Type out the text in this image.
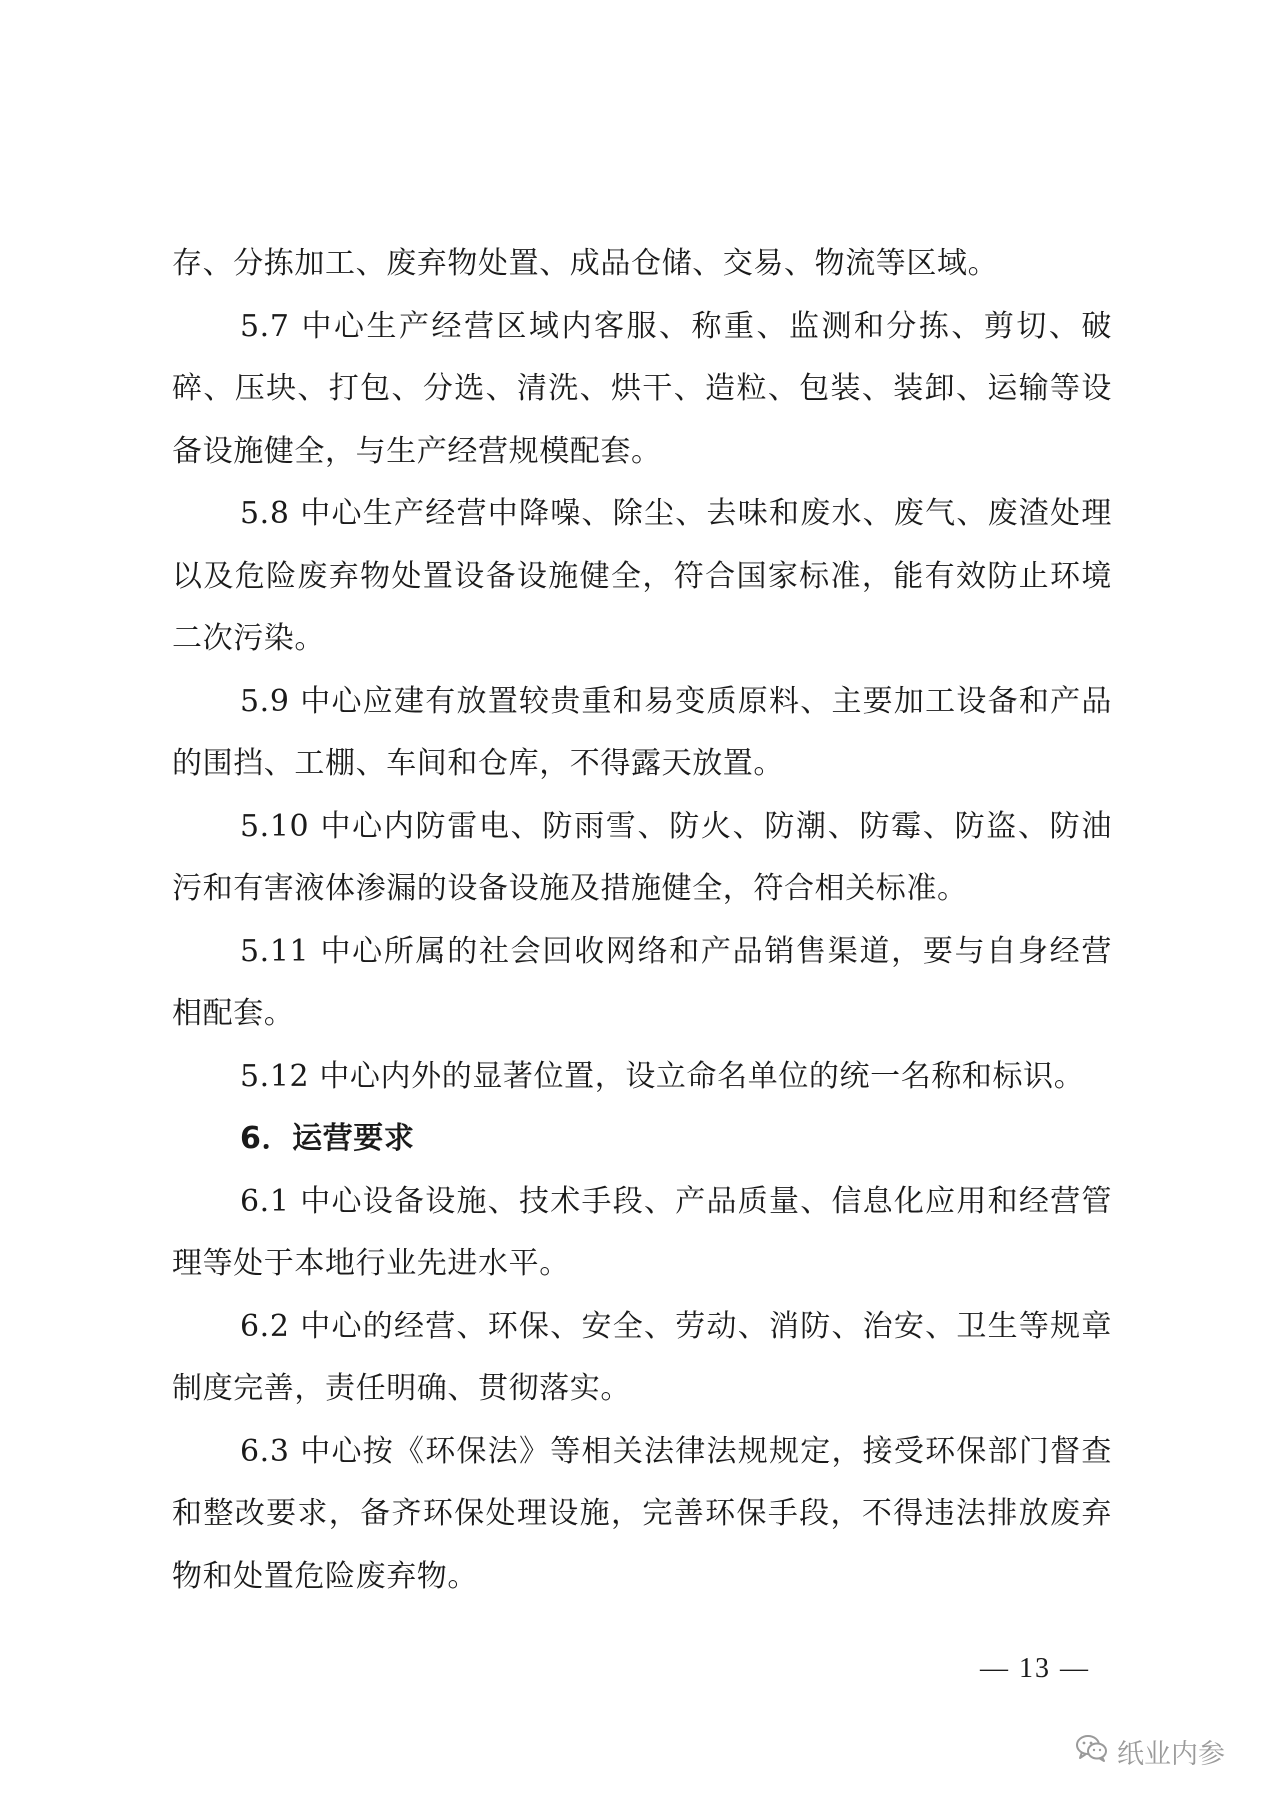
存、分拣加工、废弃物处置、成品仓储、交易、物流等区域。

5.7 中心生产经营区域内客服、称重、监测和分拣、剪切、破碎、压块、打包、分选、清洗、烘干、造粒、包装、装卸、运输等设备设施健全，与生产经营规模配套。

5.8 中心生产经营中降噪、除尘、去味和废水、废气、废渣处理以及危险废弃物处置设备设施健全，符合国家标准，能有效防止环境二次污染。

5.9 中心应建有放置较贵重和易变质原料、主要加工设备和产品的围挡、工棚、车间和仓库，不得露天放置。

5.10 中心内防雷电、防雨雪、防火、防潮、防霉、防盗、防油污和有害液体渗漏的设备设施及措施健全，符合相关标准。

5.11 中心所属的社会回收网络和产品销售渠道，要与自身经营相配套。

5.12 中心内外的显著位置，设立命名单位的统一名称和标识。

6．运营要求

6.1 中心设备设施、技术手段、产品质量、信息化应用和经营管理等处于本地行业先进水平。

6.2 中心的经营、环保、安全、劳动、消防、治安、卫生等规章制度完善，责任明确、贯彻落实。

6.3 中心按《环保法》等相关法律法规规定，接受环保部门督查和整改要求，备齐环保处理设施，完善环保手段，不得违法排放废弃物和处置危险废弃物。

— 13 —
纸业内参
